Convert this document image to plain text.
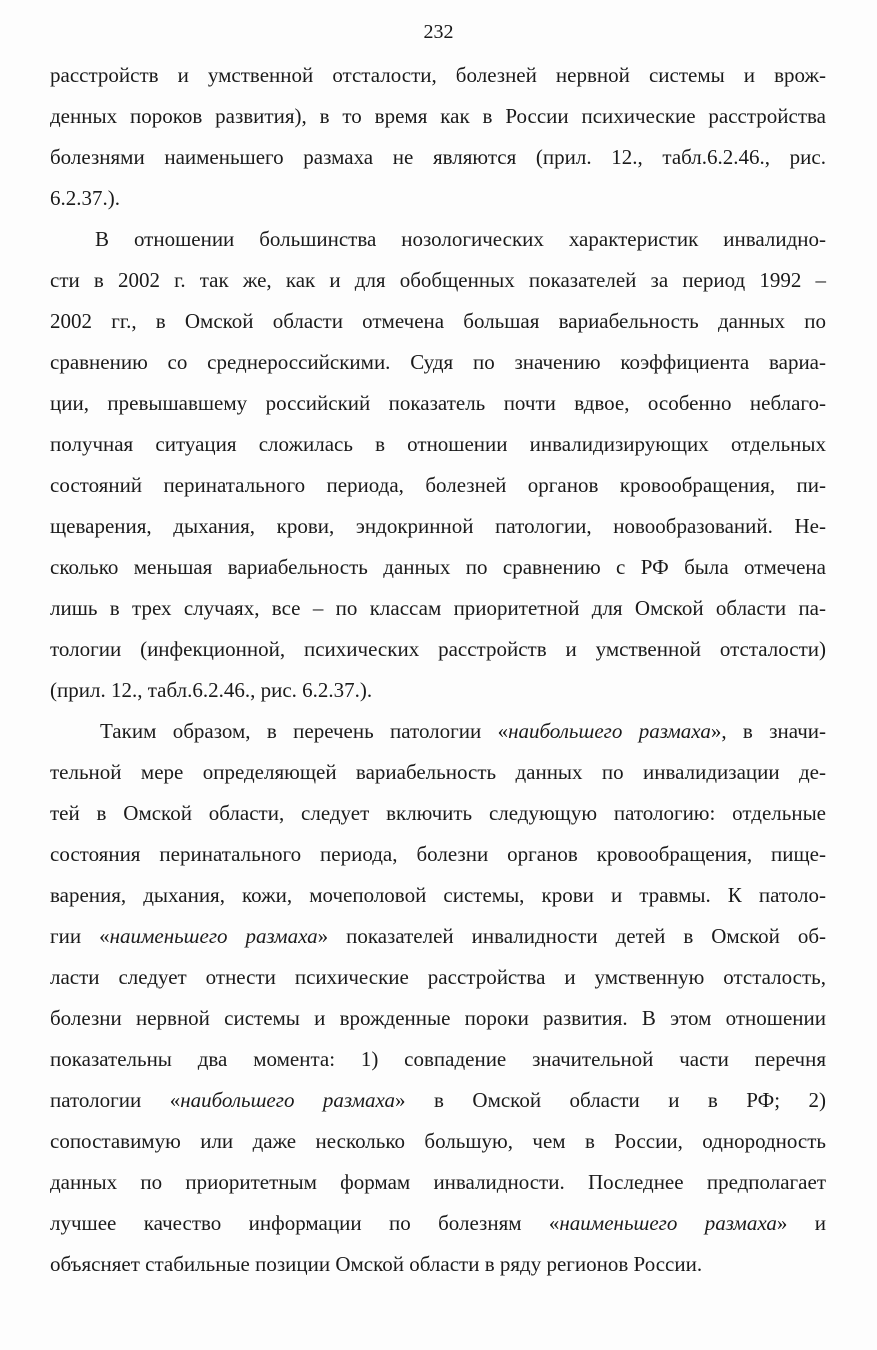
232
расстройств и умственной отсталости, болезней нервной системы и врож-
денных пороков развития), в то время как в России психические расстройства
болезнями наименьшего размаха не являются (прил. 12., табл.6.2.46., рис.
6.2.37.).
В отношении большинства нозологических характеристик инвалидно-
сти в 2002 г. так же, как и для обобщенных показателей за период 1992 –
2002 гг., в Омской области отмечена большая вариабельность данных по
сравнению со среднероссийскими. Судя по значению коэффициента вариа-
ции, превышавшему российский показатель почти вдвое, особенно неблаго-
получная ситуация сложилась в отношении инвалидизирующих отдельных
состояний перинатального периода, болезней органов кровообращения, пи-
щеварения, дыхания, крови, эндокринной патологии, новообразований. Не-
сколько меньшая вариабельность данных по сравнению с РФ была отмечена
лишь в трех случаях, все – по классам приоритетной для Омской области па-
тологии (инфекционной, психических расстройств и умственной отсталости)
(прил. 12., табл.6.2.46., рис. 6.2.37.).
Таким образом, в перечень патологии «наибольшего размаха», в значи-
тельной мере определяющей вариабельность данных по инвалидизации де-
тей в Омской области, следует включить следующую патологию: отдельные
состояния перинатального периода, болезни органов кровообращения, пище-
варения, дыхания, кожи, мочеполовой системы, крови и травмы. К патоло-
гии «наименьшего размаха» показателей инвалидности детей в Омской об-
ласти следует отнести психические расстройства и умственную отсталость,
болезни нервной системы и врожденные пороки развития. В этом отношении
показательны два момента: 1) совпадение значительной части перечня
патологии «наибольшего размаха» в Омской области и в РФ; 2)
сопоставимую или даже несколько большую, чем в России, однородность
данных по приоритетным формам инвалидности. Последнее предполагает
лучшее качество информации по болезням «наименьшего размаха» и
объясняет стабильные позиции Омской области в ряду регионов России.
